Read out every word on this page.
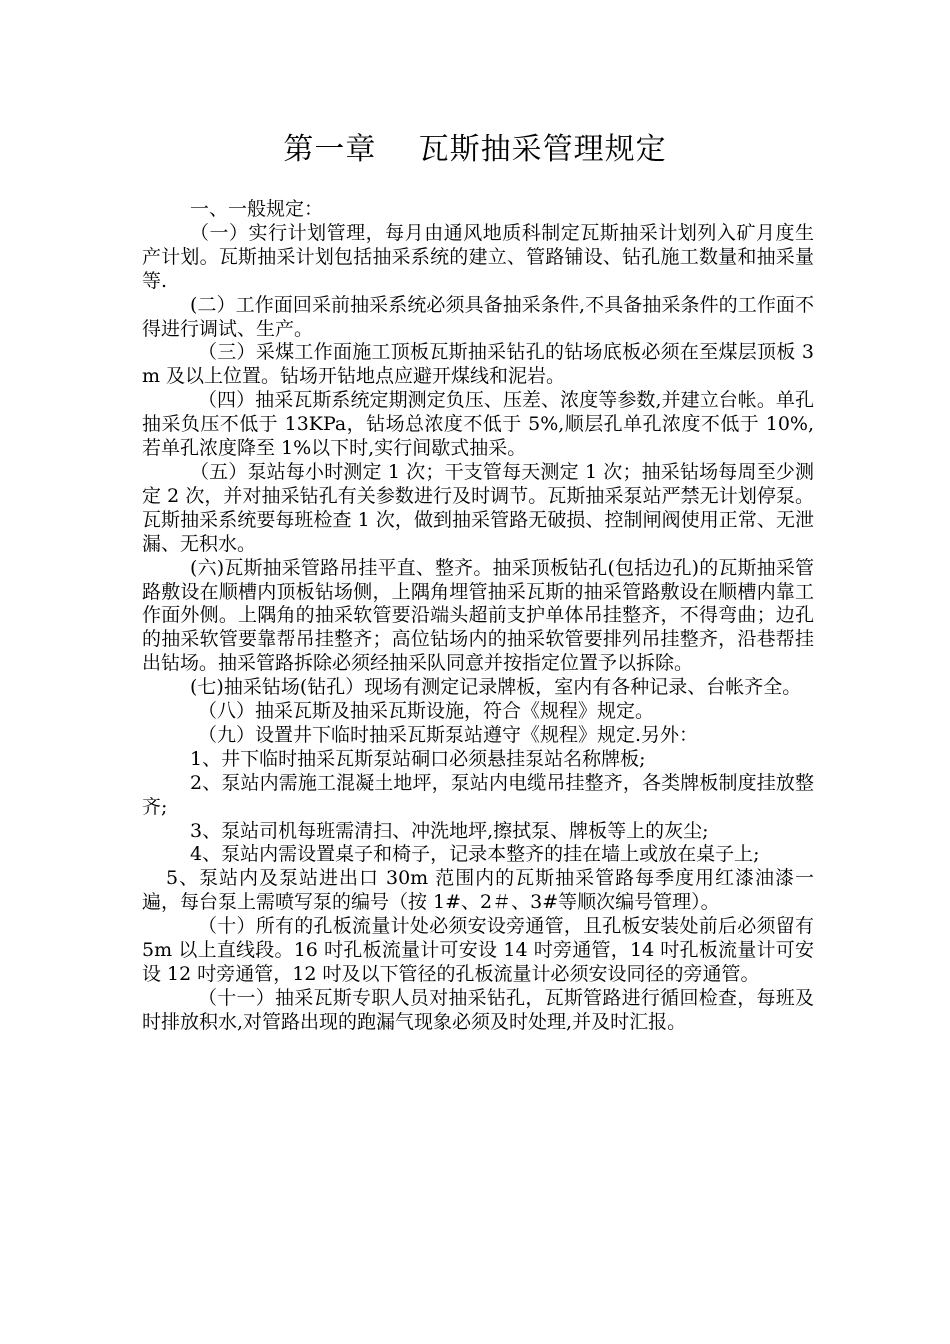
第一章    瓦斯抽采管理规定

一、一般规定：

（一）实行计划管理，每月由通风地质科制定瓦斯抽采计划列入矿月度生产计划。瓦斯抽采计划包括抽采系统的建立、管路铺设、钻孔施工数量和抽采量等.

(二）工作面回采前抽采系统必须具备抽采条件,不具备抽采条件的工作面不得进行调试、生产。

（三）采煤工作面施工顶板瓦斯抽采钻孔的钻场底板必须在至煤层顶板 3m 及以上位置。钻场开钻地点应避开煤线和泥岩。

（四）抽采瓦斯系统定期测定负压、压差、浓度等参数,并建立台帐。单孔抽采负压不低于 13KPa，钻场总浓度不低于 5%,顺层孔单孔浓度不低于 10%,若单孔浓度降至 1%以下时,实行间歇式抽采。

（五）泵站每小时测定 1 次；干支管每天测定 1 次；抽采钻场每周至少测定 2 次，并对抽采钻孔有关参数进行及时调节。瓦斯抽采泵站严禁无计划停泵。瓦斯抽采系统要每班检查 1 次，做到抽采管路无破损、控制闸阀使用正常、无泄漏、无积水。

(六)瓦斯抽采管路吊挂平直、整齐。抽采顶板钻孔(包括边孔)的瓦斯抽采管路敷设在顺槽内顶板钻场侧，上隅角埋管抽采瓦斯的抽采管路敷设在顺槽内靠工作面外侧。上隅角的抽采软管要沿端头超前支护单体吊挂整齐，不得弯曲；边孔的抽采软管要靠帮吊挂整齐；高位钻场内的抽采软管要排列吊挂整齐，沿巷帮挂出钻场。抽采管路拆除必须经抽采队同意并按指定位置予以拆除。

(七)抽采钻场(钻孔）现场有测定记录牌板，室内有各种记录、台帐齐全。

（八）抽采瓦斯及抽采瓦斯设施，符合《规程》规定。

（九）设置井下临时抽采瓦斯泵站遵守《规程》规定.另外：

1、井下临时抽采瓦斯泵站硐口必须悬挂泵站名称牌板;

2、泵站内需施工混凝土地坪，泵站内电缆吊挂整齐，各类牌板制度挂放整齐;

3、泵站司机每班需清扫、冲洗地坪,擦拭泵、牌板等上的灰尘;

4、泵站内需设置桌子和椅子，记录本整齐的挂在墙上或放在桌子上;

5、泵站内及泵站进出口 30m 范围内的瓦斯抽采管路每季度用红漆油漆一遍，每台泵上需喷写泵的编号（按 1#、2＃、3#等顺次编号管理）。

（十）所有的孔板流量计处必须安设旁通管，且孔板安装处前后必须留有 5m 以上直线段。16 吋孔板流量计可安设 14 吋旁通管，14 吋孔板流量计可安设 12 吋旁通管，12 吋及以下管径的孔板流量计必须安设同径的旁通管。

（十一）抽采瓦斯专职人员对抽采钻孔，瓦斯管路进行循回检查，每班及时排放积水,对管路出现的跑漏气现象必须及时处理,并及时汇报。
